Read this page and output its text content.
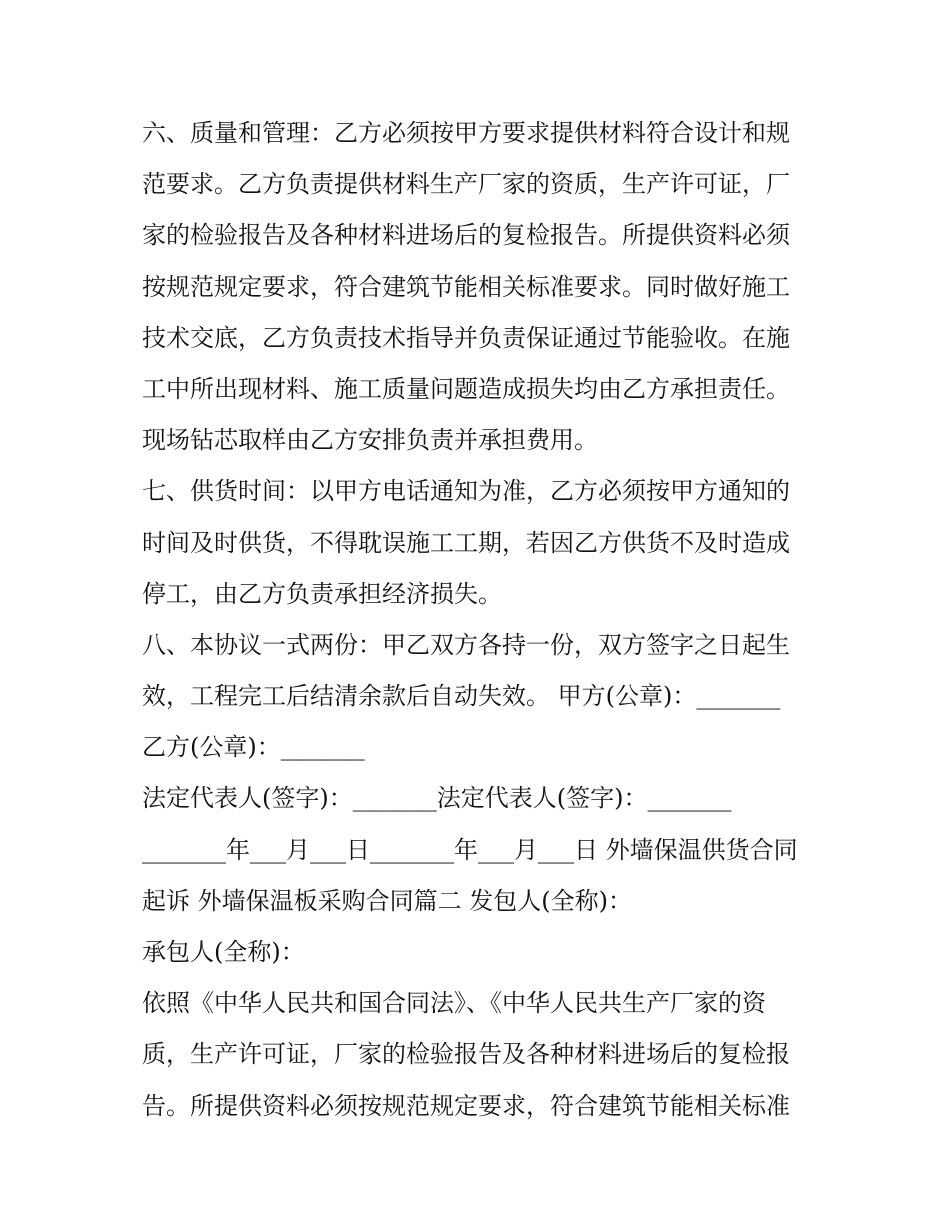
六、质量和管理：乙方必须按甲方要求提供材料符合设计和规
范要求。乙方负责提供材料生产厂家的资质，生产许可证，厂
家的检验报告及各种材料进场后的复检报告。所提供资料必须
按规范规定要求，符合建筑节能相关标准要求。同时做好施工
技术交底，乙方负责技术指导并负责保证通过节能验收。在施
工中所出现材料、施工质量问题造成损失均由乙方承担责任。
现场钻芯取样由乙方安排负责并承担费用。
七、供货时间：以甲方电话通知为准，乙方必须按甲方通知的
时间及时供货，不得耽误施工工期，若因乙方供货不及时造成
停工，由乙方负责承担经济损失。
八、本协议一式两份：甲乙双方各持一份，双方签字之日起生
效，工程完工后结清余款后自动失效。 甲方(公章)：_______
乙方(公章)：_______
法定代表人(签字)：_______法定代表人(签字)：_______
_______年___月___日_______年___月___日 外墙保温供货合同
起诉 外墙保温板采购合同篇二 发包人(全称)：
承包人(全称)：
依照《中华人民共和国合同法》、《中华人民共生产厂家的资
质，生产许可证，厂家的检验报告及各种材料进场后的复检报
告。所提供资料必须按规范规定要求，符合建筑节能相关标准
